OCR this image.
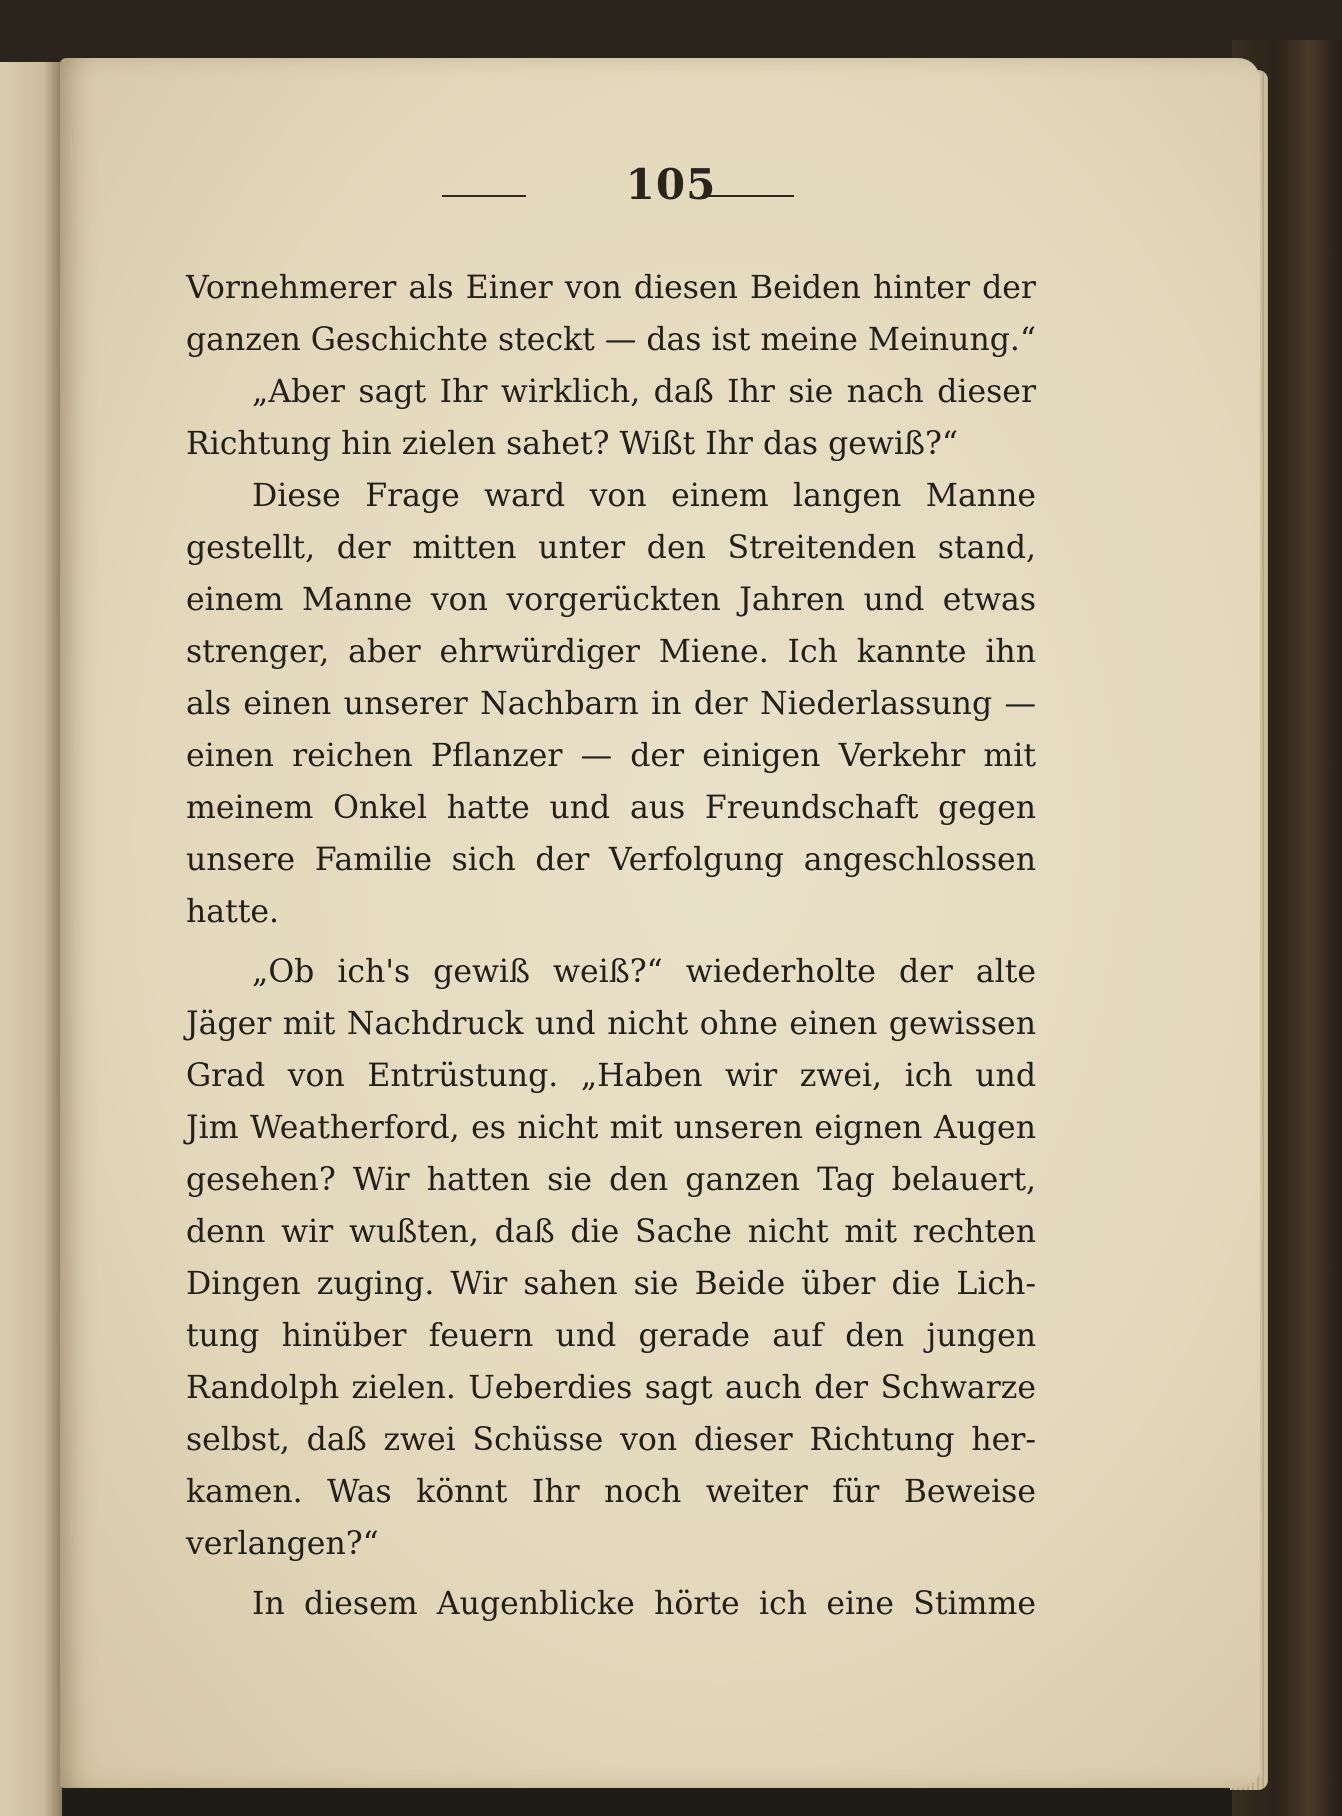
105
Vornehmerer als Einer von diesen Beiden hinter der
ganzen Geschichte steckt — das ist meine Meinung.“
„Aber sagt Ihr wirklich, daß Ihr sie nach dieser
Richtung hin zielen sahet? Wißt Ihr das gewiß?“
Diese Frage ward von einem langen Manne
gestellt, der mitten unter den Streitenden stand,
einem Manne von vorgerückten Jahren und etwas
strenger, aber ehrwürdiger Miene. Ich kannte ihn
als einen unserer Nachbarn in der Niederlassung —
einen reichen Pflanzer — der einigen Verkehr mit
meinem Onkel hatte und aus Freundschaft gegen
unsere Familie sich der Verfolgung angeschlossen
hatte.
„Ob ich's gewiß weiß?“ wiederholte der alte
Jäger mit Nachdruck und nicht ohne einen gewissen
Grad von Entrüstung. „Haben wir zwei, ich und
Jim Weatherford, es nicht mit unseren eignen Augen
gesehen? Wir hatten sie den ganzen Tag belauert,
denn wir wußten, daß die Sache nicht mit rechten
Dingen zuging. Wir sahen sie Beide über die Lich-
tung hinüber feuern und gerade auf den jungen
Randolph zielen. Ueberdies sagt auch der Schwarze
selbst, daß zwei Schüsse von dieser Richtung her-
kamen. Was könnt Ihr noch weiter für Beweise
verlangen?“
In diesem Augenblicke hörte ich eine Stimme
